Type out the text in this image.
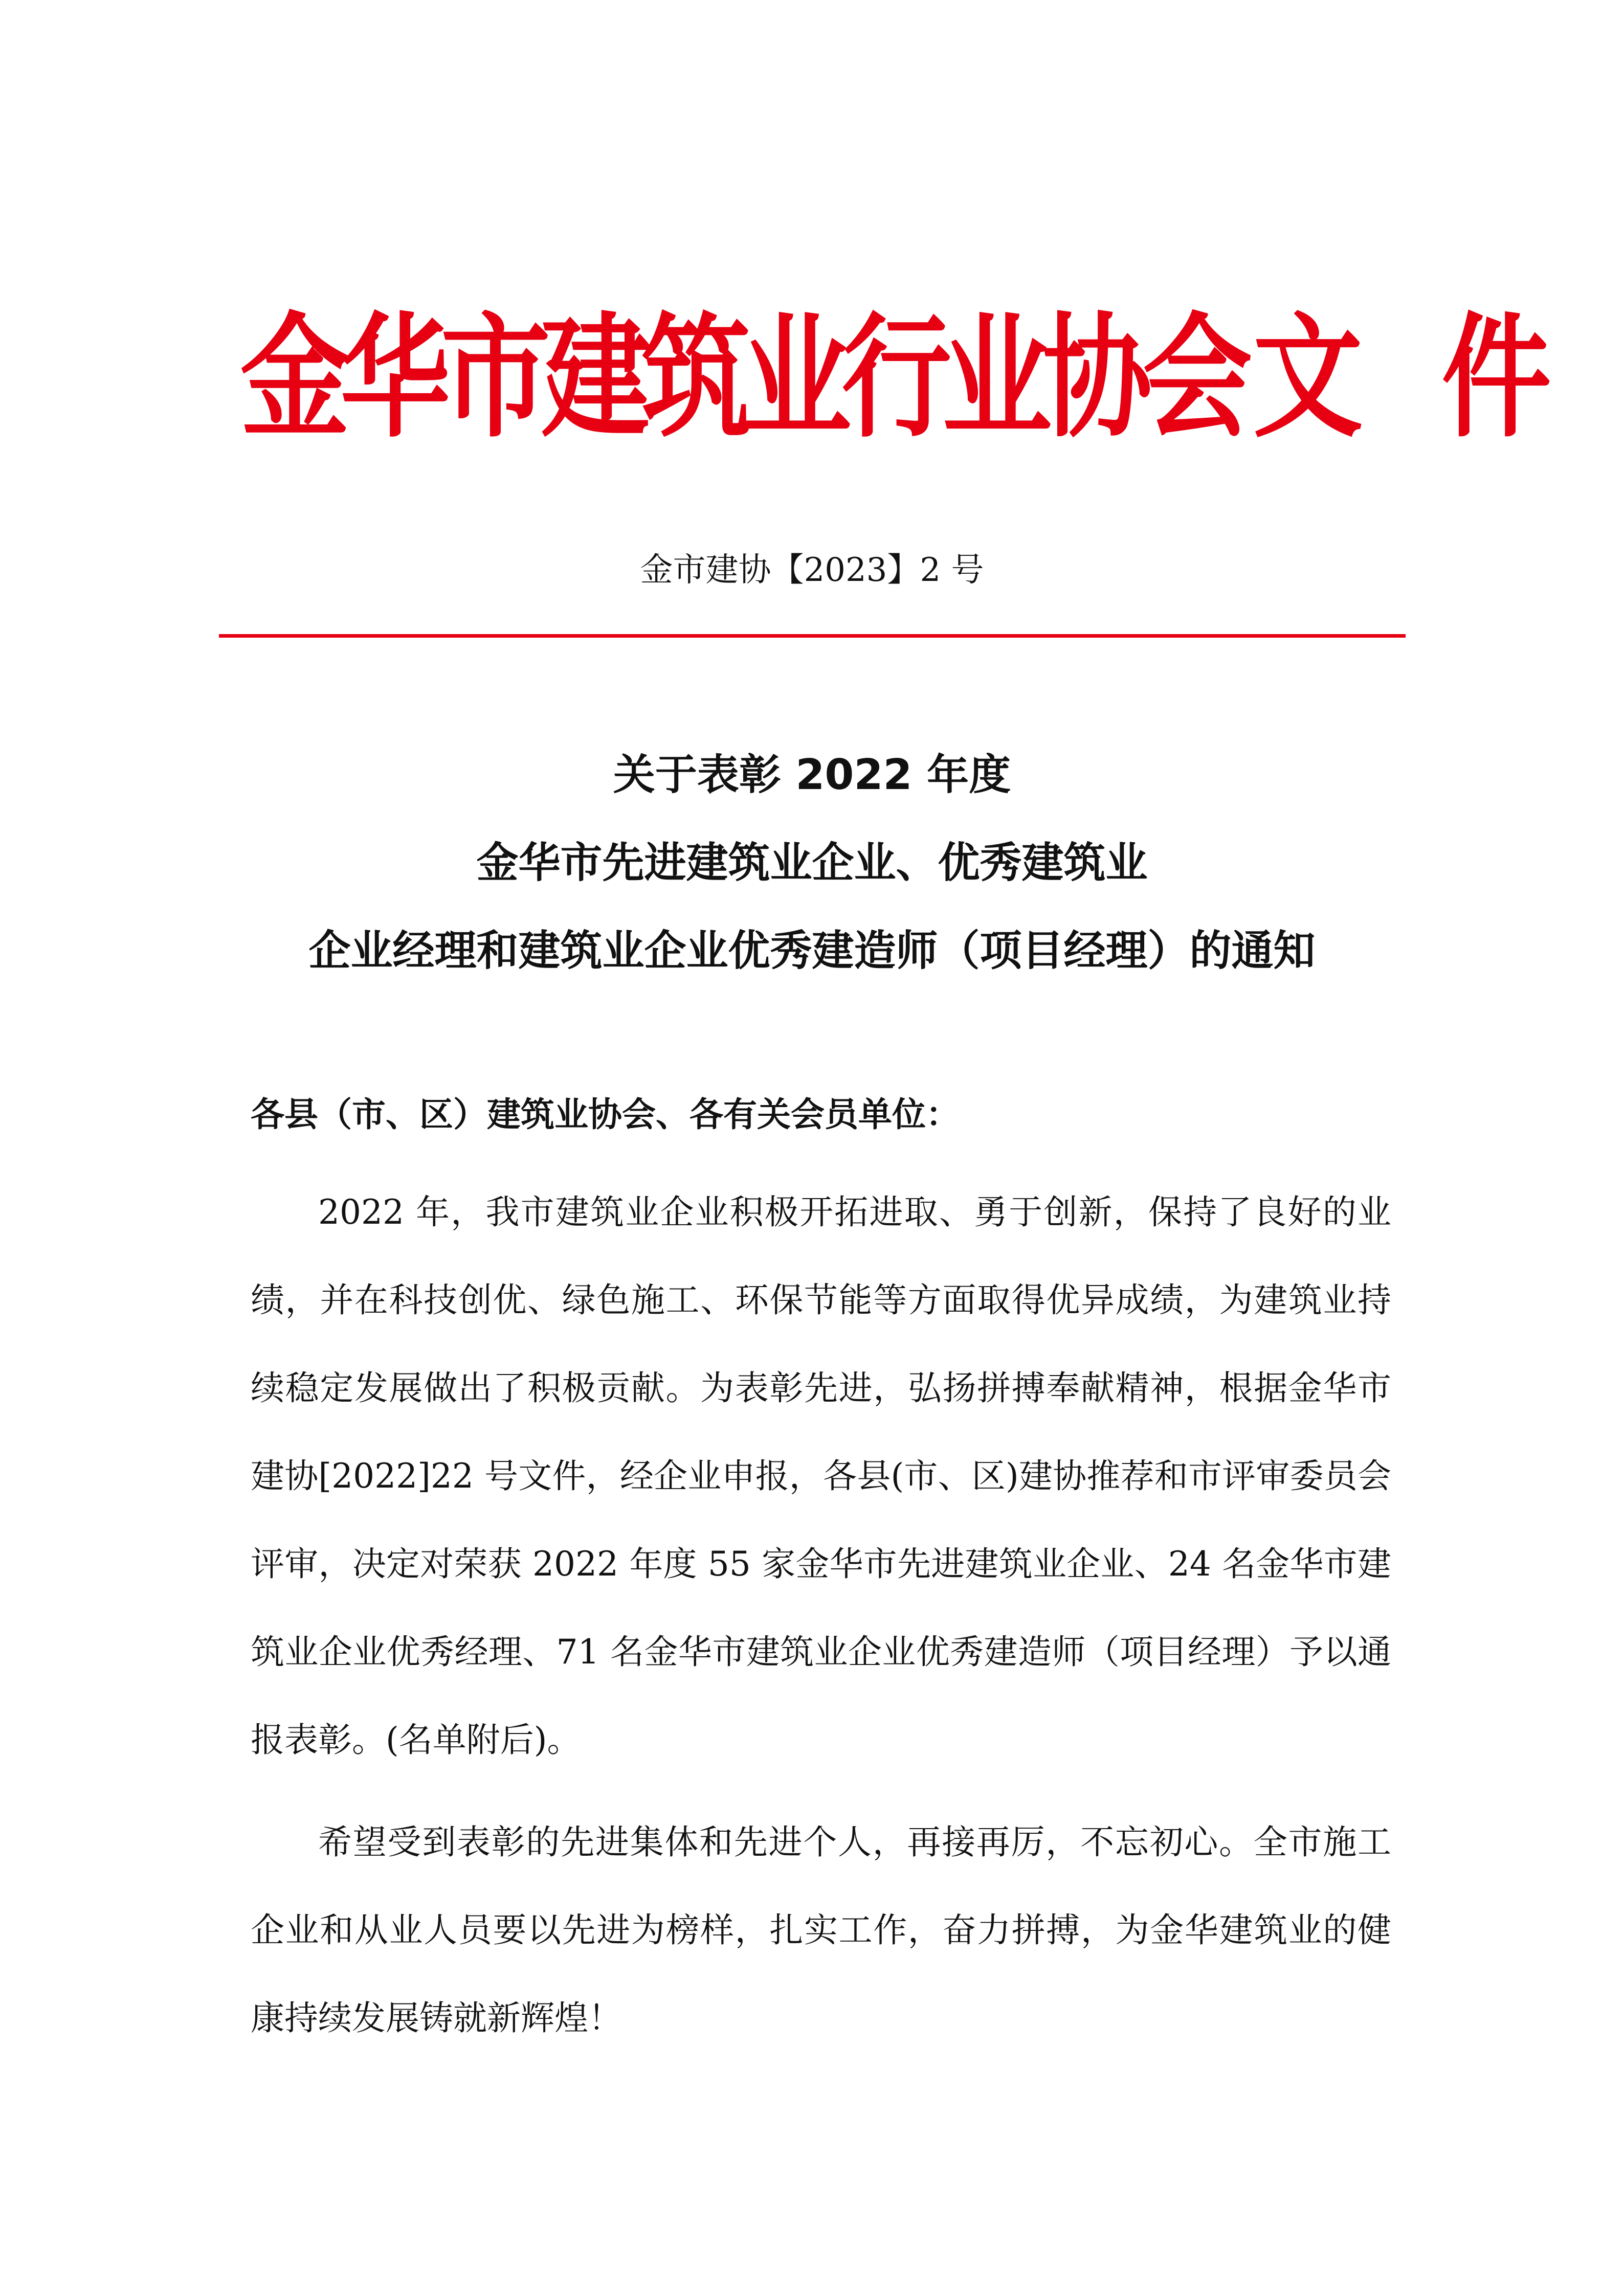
金华市建筑业行业协会文 件
金市建协【2023】2 号
关于表彰 2022 年度
金华市先进建筑业企业、优秀建筑业
企业经理和建筑业企业优秀建造师（项目经理）的通知
各县（市、区）建筑业协会、各有关会员单位：

2022 年，我市建筑业企业积极开拓进取、勇于创新，保持了良好的业绩，并在科技创优、绿色施工、环保节能等方面取得优异成绩，为建筑业持续稳定发展做出了积极贡献。为表彰先进，弘扬拼搏奉献精神，根据金华市建协[2022]22 号文件，经企业申报，各县(市、区)建协推荐和市评审委员会评审，决定对荣获 2022 年度 55 家金华市先进建筑业企业、24 名金华市建筑业企业优秀经理、71 名金华市建筑业企业优秀建造师（项目经理）予以通报表彰。(名单附后)。

希望受到表彰的先进集体和先进个人，再接再厉，不忘初心。全市施工企业和从业人员要以先进为榜样，扎实工作，奋力拼搏，为金华建筑业的健康持续发展铸就新辉煌！
